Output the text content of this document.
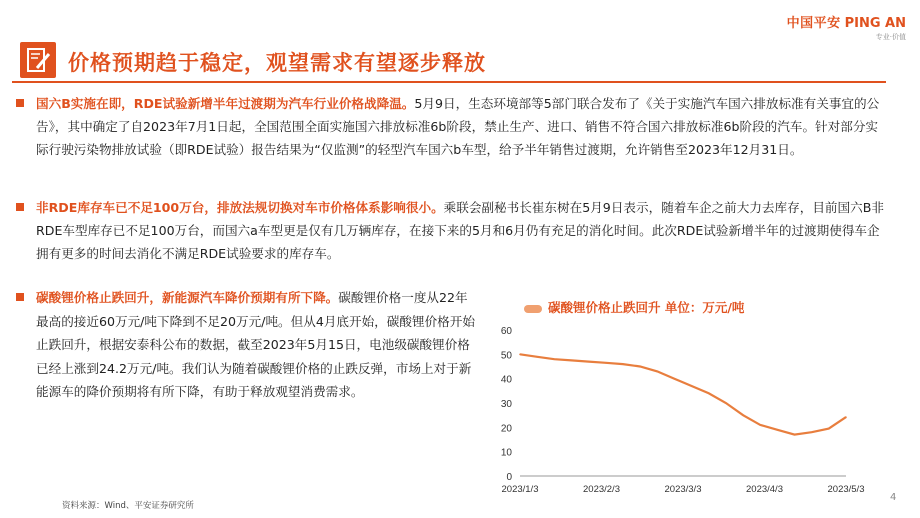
中国平安 PING AN
专业·价值
价格预期趋于稳定，观望需求有望逐步释放
国六B实施在即，RDE试验新增半年过渡期为汽车行业价格战降温。5月9日，生态环境部等5部门联合发布了《关于实施汽车国六排放标准有关事宜的公告》，其中确定了自2023年7月1日起，全国范围全面实施国六排放标准6b阶段，禁止生产、进口、销售不符合国六排放标准6b阶段的汽车。针对部分实际行驶污染物排放试验（即RDE试验）报告结果为“仅监测”的轻型汽车国六b车型，给予半年销售过渡期，允许销售至2023年12月31日。
非RDE库存车已不足100万台，排放法规切换对车市价格体系影响很小。乘联会副秘书长崔东树在5月9日表示，随着车企之前大力去库存，目前国六B非RDE车型库存已不足100万台，而国六a车型更是仅有几万辆库存，在接下来的5月和6月仍有充足的消化时间。此次RDE试验新增半年的过渡期使得车企拥有更多的时间去消化不满足RDE试验要求的库存车。
碳酸锂价格止跌回升，新能源汽车降价预期有所下降。碳酸锂价格一度从22年最高的接近60万元/吨下降到不足20万元/吨。但从4月底开始，碳酸锂价格开始止跌回升，根据安泰科公布的数据，截至2023年5月15日，电池级碳酸锂价格已经上涨到24.2万元/吨。我们认为随着碳酸锂价格的止跌反弹，市场上对于新能源车的降价预期将有所下降，有助于释放观望消费需求。
碳酸锂价格止跌回升 单位：万元/吨
0
10
20
30
40
50
60
2023/1/3	2023/2/3	2023/3/3	2023/4/3	2023/5/3
资料来源：Wind、平安证券研究所
4
